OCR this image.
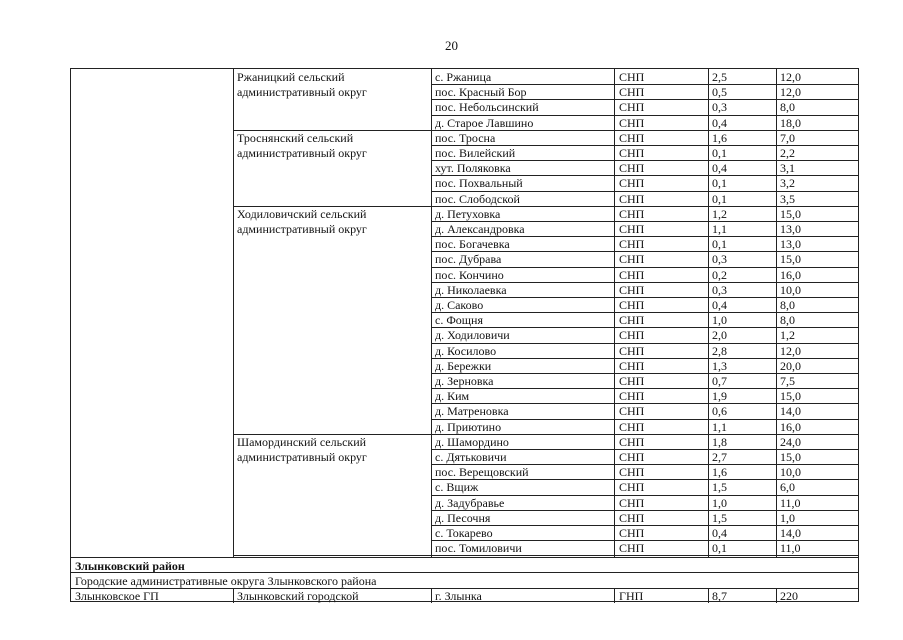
20
Ржаницкий сельский
административный округ
с. Ржаница	СНП	2,5	12,0
пос. Красный Бор	СНП	0,5	12,0
пос. Небольсинский	СНП	0,3	8,0
д. Старое Лавшино	СНП	0,4	18,0
Троснянский сельский
административный округ
пос. Тросна	СНП	1,6	7,0
пос. Вилейский	СНП	0,1	2,2
хут. Поляковка	СНП	0,4	3,1
пос. Похвальный	СНП	0,1	3,2
пос. Слободской	СНП	0,1	3,5
Ходиловичский сельский
административный округ
д. Петуховка	СНП	1,2	15,0
д. Александровка	СНП	1,1	13,0
пос. Богачевка	СНП	0,1	13,0
пос. Дубрава	СНП	0,3	15,0
пос. Кончино	СНП	0,2	16,0
д. Николаевка	СНП	0,3	10,0
д. Саково	СНП	0,4	8,0
с. Фощня	СНП	1,0	8,0
д. Ходиловичи	СНП	2,0	1,2
д. Косилово	СНП	2,8	12,0
д. Бережки	СНП	1,3	20,0
д. Зерновка	СНП	0,7	7,5
д. Ким	СНП	1,9	15,0
д. Матреновка	СНП	0,6	14,0
д. Приютино	СНП	1,1	16,0
Шамординский сельский
административный округ
д. Шамордино	СНП	1,8	24,0
с. Дятьковичи	СНП	2,7	15,0
пос. Верещовский	СНП	1,6	10,0
с. Вщиж	СНП	1,5	6,0
д. Задубравье	СНП	1,0	11,0
д. Песочня	СНП	1,5	1,0
с. Токарево	СНП	0,4	14,0
пос. Томиловичи	СНП	0,1	11,0
Злынковский район
Городские административные округа Злынковского района
Злынковское ГП	Злынковский городской	г. Злынка	ГНП	8,7	220
